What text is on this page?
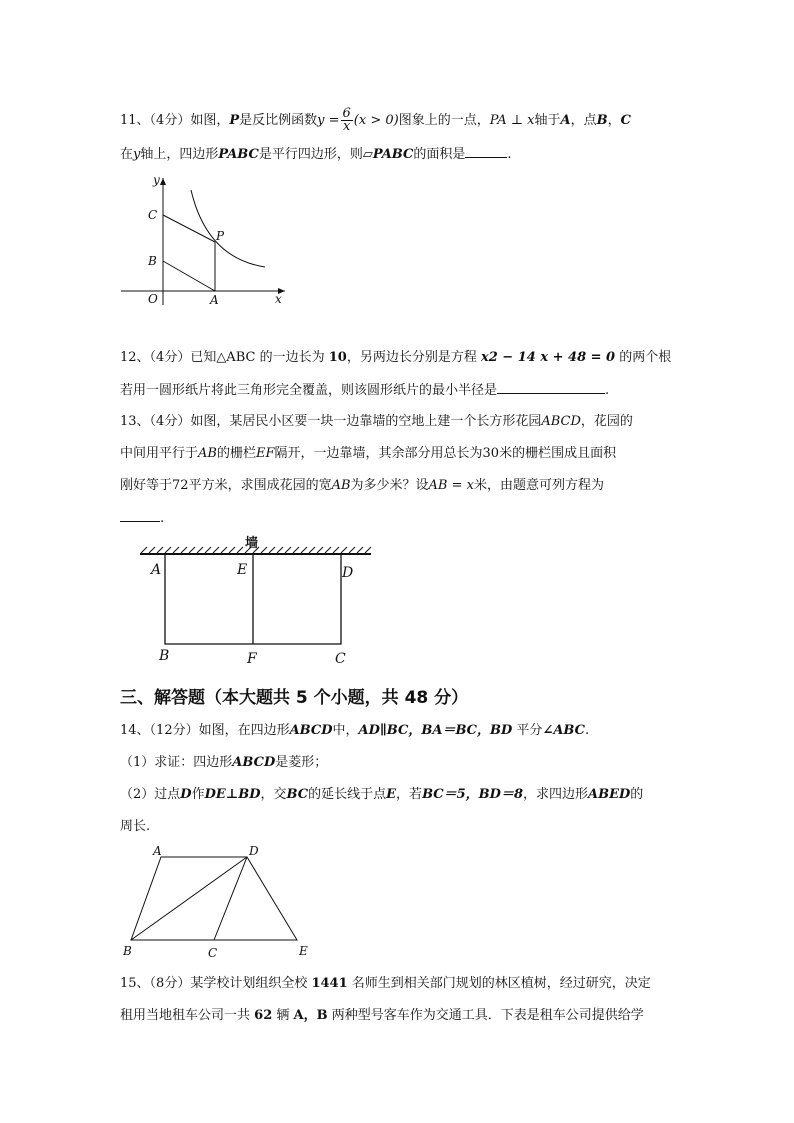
11、（4分）如图，P是反比例函数$y = \frac{6}{x} (x > 0)$图象上的一点，PA ⊥ x轴于A，点B，C
在y轴上，四边形PABC是平行四边形，则▱PABC的面积是	.
x
y
O	A
B
C
P
12、（4分）已知△ABC 的一边长为 10，另两边长分别是方程 x2 − 14 x + 48 = 0 的两个根
若用一圆形纸片将此三角形完全覆盖，则该圆形纸片的最小半径是	.
13、（4分）如图，某居民小区要一块一边靠墙的空地上建一个长方形花园ABCD，花园的
中间用平行于AB的栅栏EF隔开，一边靠墙，其余部分用总长为30米的栅栏围成且面积
刚好等于72平方米，求围成花园的宽AB为多少米？设AB = x米，由题意可列方程为
.
墙
A	E	D
B	F	C
三、解答题（本大题共 5 个小题，共 48 分）
14、（12分）如图，在四边形ABCD中，AD∥BC，BA＝BC，BD 平分∠ABC.
（1）求证：四边形ABCD是菱形；
（2）过点D作DE⊥BD，交BC的延长线于点E，若BC＝5，BD＝8，求四边形ABED的
周长.
A	D
B	C	E
15、（8分）某学校计划组织全校 1441 名师生到相关部门规划的林区植树，经过研究，决定
租用当地租车公司一共 62 辆 A，B 两种型号客车作为交通工具．下表是租车公司提供给学
